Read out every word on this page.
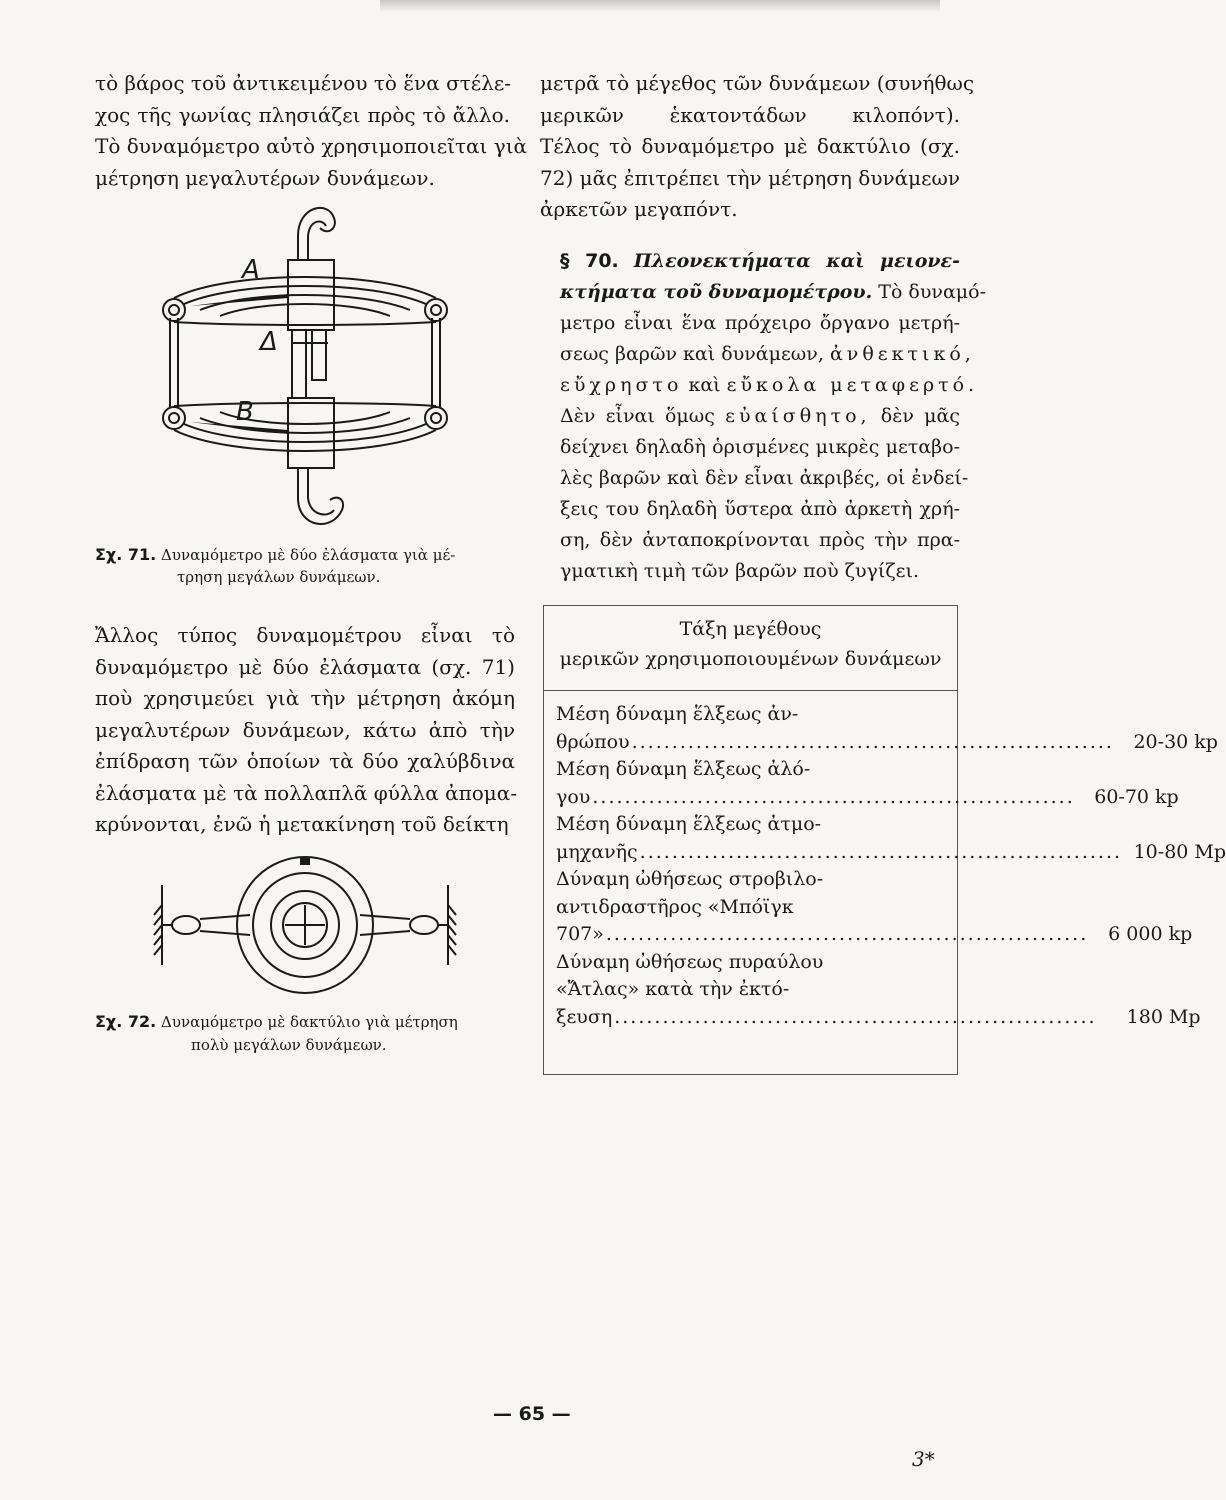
τὸ βάρος τοῦ ἀντικειμένου τὸ ἕνα στέλε-
χος τῆς γωνίας πλησιάζει πρὸς τὸ ἄλλο.
Τὸ δυναμόμετρο αὐτὸ χρησιμοποιεῖται γιὰ
μέτρηση μεγαλυτέρων δυνάμεων.

A
Δ
B
Σχ. 71. Δυναμόμετρο μὲ δύο ἐλάσματα γιὰ μέ-
τρηση μεγάλων δυνάμεων.

Ἄλλος τύπος δυναμομέτρου εἶναι τὸ
δυναμόμετρο μὲ δύο ἐλάσματα (σχ. 71)
ποὺ χρησιμεύει γιὰ τὴν μέτρηση ἀκόμη
μεγαλυτέρων δυνάμεων, κάτω ἀπὸ τὴν
ἐπίδραση τῶν ὁποίων τὰ δύο χαλύβδινα
ἐλάσματα μὲ τὰ πολλαπλᾶ φύλλα ἀπομα-
κρύνονται, ἐνῶ ἡ μετακίνηση τοῦ δείκτη

Σχ. 72. Δυναμόμετρο μὲ δακτύλιο γιὰ μέτρηση
πολὺ μεγάλων δυνάμεων.

μετρᾶ τὸ μέγεθος τῶν δυνάμεων (συνήθως
μερικῶν ἑκατοντάδων κιλοπόντ).
Τέλος τὸ δυναμόμετρο μὲ δακτύλιο (σχ.
72) μᾶς ἐπιτρέπει τὴν μέτρηση δυνάμεων
ἀρκετῶν μεγαπόντ.

§ 70. Πλεονεκτήματα καὶ μειονε-
κτήματα τοῦ δυναμομέτρου. Τὸ δυναμό-
μετρο εἶναι ἕνα πρόχειρο ὄργανο μετρή-
σεως βαρῶν καὶ δυνάμεων, ἀνθεκτικό,
εὔχρηστο καὶ εὔκολα μεταφερτό.
Δὲν εἶναι ὅμως εὐαίσθητο, δὲν μᾶς
δείχνει δηλαδὴ ὁρισμένες μικρὲς μεταβο-
λὲς βαρῶν καὶ δὲν εἶναι ἀκριβές, οἱ ἐνδεί-
ξεις του δηλαδὴ ὕστερα ἀπὸ ἀρκετὴ χρή-
ση, δὲν ἀνταποκρίνονται πρὸς τὴν πρα-
γματικὴ τιμὴ τῶν βαρῶν ποὺ ζυγίζει.

Τάξη μεγέθους
μερικῶν χρησιμοποιουμένων δυνάμεων
Μέση δύναμη ἕλξεως ἀν-
θρώπου ............................................................	20-30 kp
Μέση δύναμη ἕλξεως ἀλό-
γου ............................................................	60-70 kp
Μέση δύναμη ἕλξεως ἀτμο-
μηχανῆς ............................................................ 10-80 Mp
Δύναμη ὠθήσεως στροβιλο-
αντιδραστῆρος «Μπόϊγκ
707» ............................................................	6 000 kp
Δύναμη ὠθήσεως πυραύλου
«Ἄτλας» κατὰ τὴν ἐκτό-
ξευση ............................................................	180 Mp
— 65 —
3*
